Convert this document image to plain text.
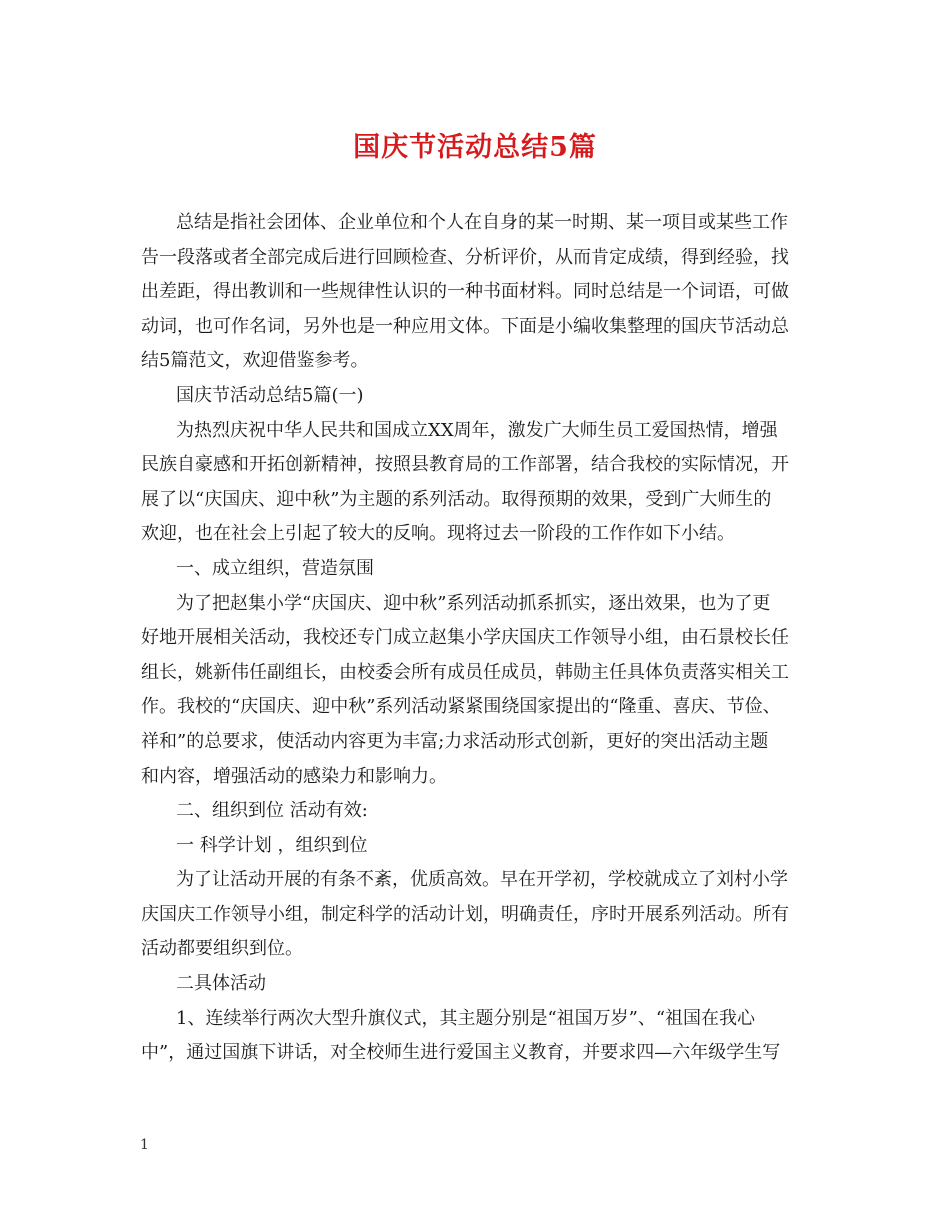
国庆节活动总结5篇
总结是指社会团体、企业单位和个人在自身的某一时期、某一项目或某些工作
告一段落或者全部完成后进行回顾检查、分析评价，从而肯定成绩，得到经验，找
出差距，得出教训和一些规律性认识的一种书面材料。同时总结是一个词语，可做
动词，也可作名词，另外也是一种应用文体。下面是小编收集整理的国庆节活动总
结5篇范文，欢迎借鉴参考。
国庆节活动总结5篇(一)
为热烈庆祝中华人民共和国成立XX周年，激发广大师生员工爱国热情，增强
民族自豪感和开拓创新精神，按照县教育局的工作部署，结合我校的实际情况，开
展了以“庆国庆、迎中秋”为主题的系列活动。取得预期的效果，受到广大师生的
欢迎，也在社会上引起了较大的反响。现将过去一阶段的工作作如下小结。
一、成立组织，营造氛围
为了把赵集小学“庆国庆、迎中秋”系列活动抓系抓实，逐出效果，也为了更
好地开展相关活动，我校还专门成立赵集小学庆国庆工作领导小组，由石景校长任
组长，姚新伟任副组长，由校委会所有成员任成员，韩勋主任具体负责落实相关工
作。我校的“庆国庆、迎中秋”系列活动紧紧围绕国家提出的“隆重、喜庆、节俭、
祥和”的总要求，使活动内容更为丰富;力求活动形式创新，更好的突出活动主题
和内容，增强活动的感染力和影响力。
二、组织到位 活动有效:
一 科学计划 ，组织到位
为了让活动开展的有条不紊，优质高效。早在开学初，学校就成立了刘村小学
庆国庆工作领导小组，制定科学的活动计划，明确责任，序时开展系列活动。所有
活动都要组织到位。
二具体活动
1、连续举行两次大型升旗仪式，其主题分别是“祖国万岁”、“祖国在我心
中”，通过国旗下讲话，对全校师生进行爱国主义教育，并要求四—六年级学生写
1
